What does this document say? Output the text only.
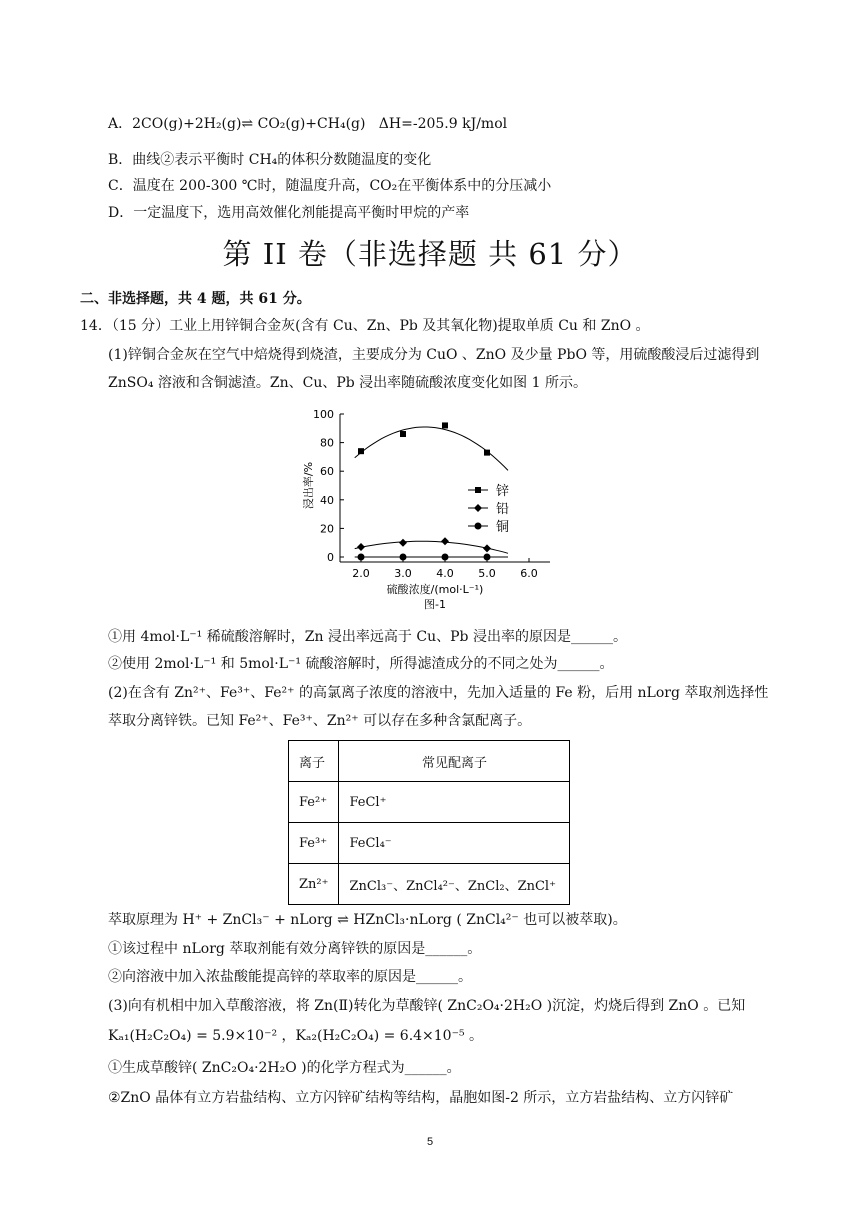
A．2CO(g)+2H₂(g)⇌ CO₂(g)+CH₄(g)   ΔH=-205.9 kJ/mol
B．曲线②表示平衡时 CH₄的体积分数随温度的变化
C．温度在 200-300 ℃时，随温度升高，CO₂在平衡体系中的分压减小
D．一定温度下，选用高效催化剂能提高平衡时甲烷的产率
第 II 卷（非选择题 共 61 分）
二、非选择题，共 4 题，共 61 分。
14．（15 分）工业上用锌铜合金灰(含有 Cu、Zn、Pb 及其氧化物)提取单质 Cu 和 ZnO 。
(1)锌铜合金灰在空气中焙烧得到烧渣，主要成分为 CuO 、ZnO 及少量 PbO 等，用硫酸酸浸后过滤得到
ZnSO₄ 溶液和含铜滤渣。Zn、Cu、Pb 浸出率随硫酸浓度变化如图 1 所示。
0
20
40
60
80
100
2.0 3.0 4.0 5.0 6.0
硫酸浓度/(mol·L⁻¹)
浸出率/%
图-1
锌
铅
铜
①用 4mol·L⁻¹ 稀硫酸溶解时，Zn 浸出率远高于 Cu、Pb 浸出率的原因是______。
②使用 2mol·L⁻¹ 和 5mol·L⁻¹ 硫酸溶解时，所得滤渣成分的不同之处为______。
(2)在含有 Zn²⁺、Fe³⁺、Fe²⁺ 的高氯离子浓度的溶液中，先加入适量的 Fe 粉，后用 nLorg 萃取剂选择性
萃取分离锌铁。已知 Fe²⁺、Fe³⁺、Zn²⁺ 可以存在多种含氯配离子。
离子	常见配离子
Fe²⁺	FeCl⁺
Fe³⁺	FeCl₄⁻
Zn²⁺	ZnCl₃⁻、ZnCl₄²⁻、ZnCl₂、ZnCl⁺
萃取原理为 H⁺ + ZnCl₃⁻ + nLorg ⇌ HZnCl₃·nLorg ( ZnCl₄²⁻ 也可以被萃取)。
①该过程中 nLorg 萃取剂能有效分离锌铁的原因是______。
②向溶液中加入浓盐酸能提高锌的萃取率的原因是______。
(3)向有机相中加入草酸溶液，将 Zn(Ⅱ)转化为草酸锌( ZnC₂O₄·2H₂O )沉淀，灼烧后得到 ZnO 。已知
Kₐ₁(H₂C₂O₄) = 5.9×10⁻² ，Kₐ₂(H₂C₂O₄) = 6.4×10⁻⁵ 。
①生成草酸锌( ZnC₂O₄·2H₂O )的化学方程式为______。
②ZnO 晶体有立方岩盐结构、立方闪锌矿结构等结构，晶胞如图-2 所示，立方岩盐结构、立方闪锌矿
5
